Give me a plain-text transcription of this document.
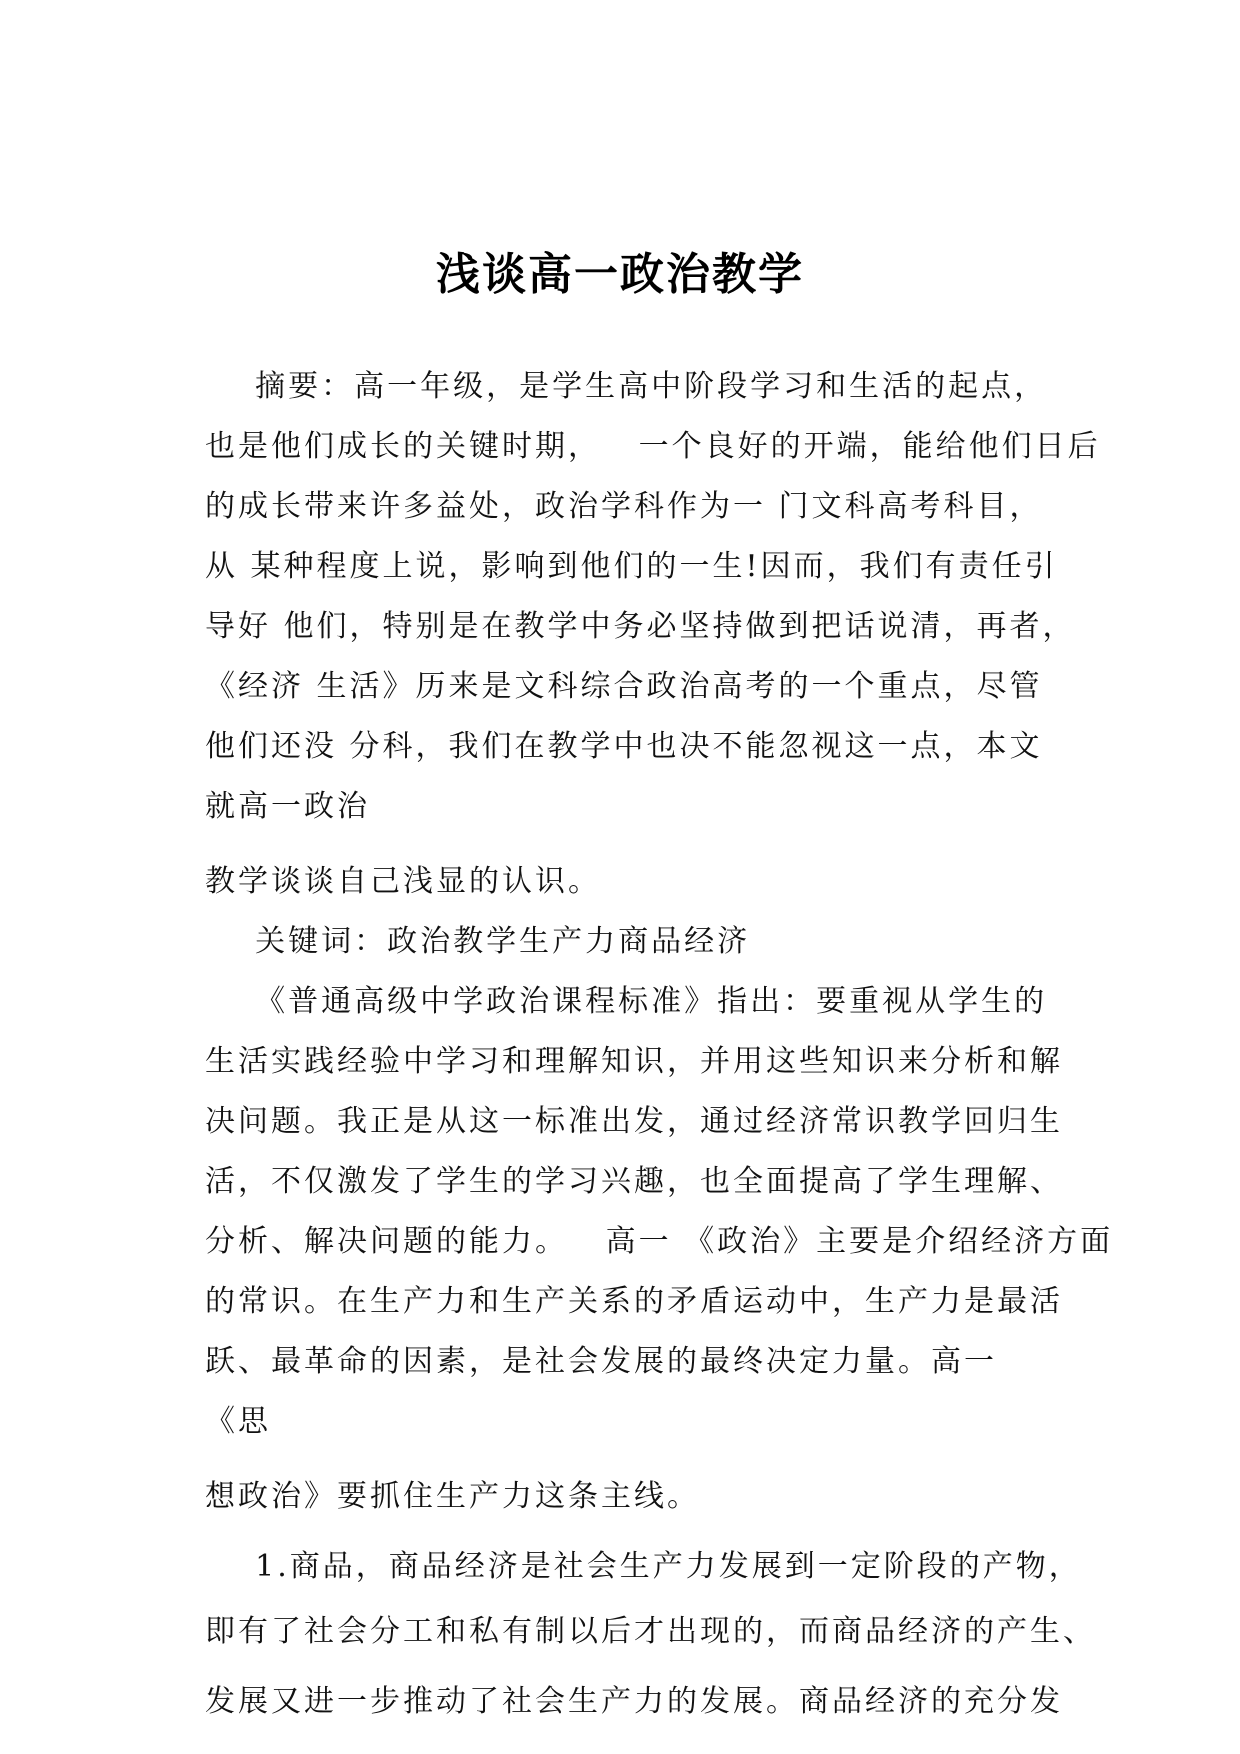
浅谈高一政治教学
摘要：高一年级，是学生高中阶段学习和生活的起点，
也是他们成长的关键时期，   一个良好的开端，能给他们日后
的成长带来许多益处，政治学科作为一 门文科高考科目，
从 某种程度上说，影响到他们的一生!因而，我们有责任引
导好 他们，特别是在教学中务必坚持做到把话说清，再者，
《经济 生活》历来是文科综合政治高考的一个重点，尽管
他们还没 分科，我们在教学中也决不能忽视这一点，本文
就高一政治
教学谈谈自己浅显的认识。
关键词：政治教学生产力商品经济
《普通高级中学政治课程标准》指出：要重视从学生的
生活实践经验中学习和理解知识，并用这些知识来分析和解
决问题。我正是从这一标准出发，通过经济常识教学回归生
活，不仅激发了学生的学习兴趣，也全面提高了学生理解、
分析、解决问题的能力。   高一 《政治》主要是介绍经济方面
的常识。在生产力和生产关系的矛盾运动中，生产力是最活
跃、最革命的因素，是社会发展的最终决定力量。高一
《思
想政治》要抓住生产力这条主线。
1.商品，商品经济是社会生产力发展到一定阶段的产物，
即有了社会分工和私有制以后才出现的，而商品经济的产生、
发展又进一步推动了社会生产力的发展。商品经济的充分发
